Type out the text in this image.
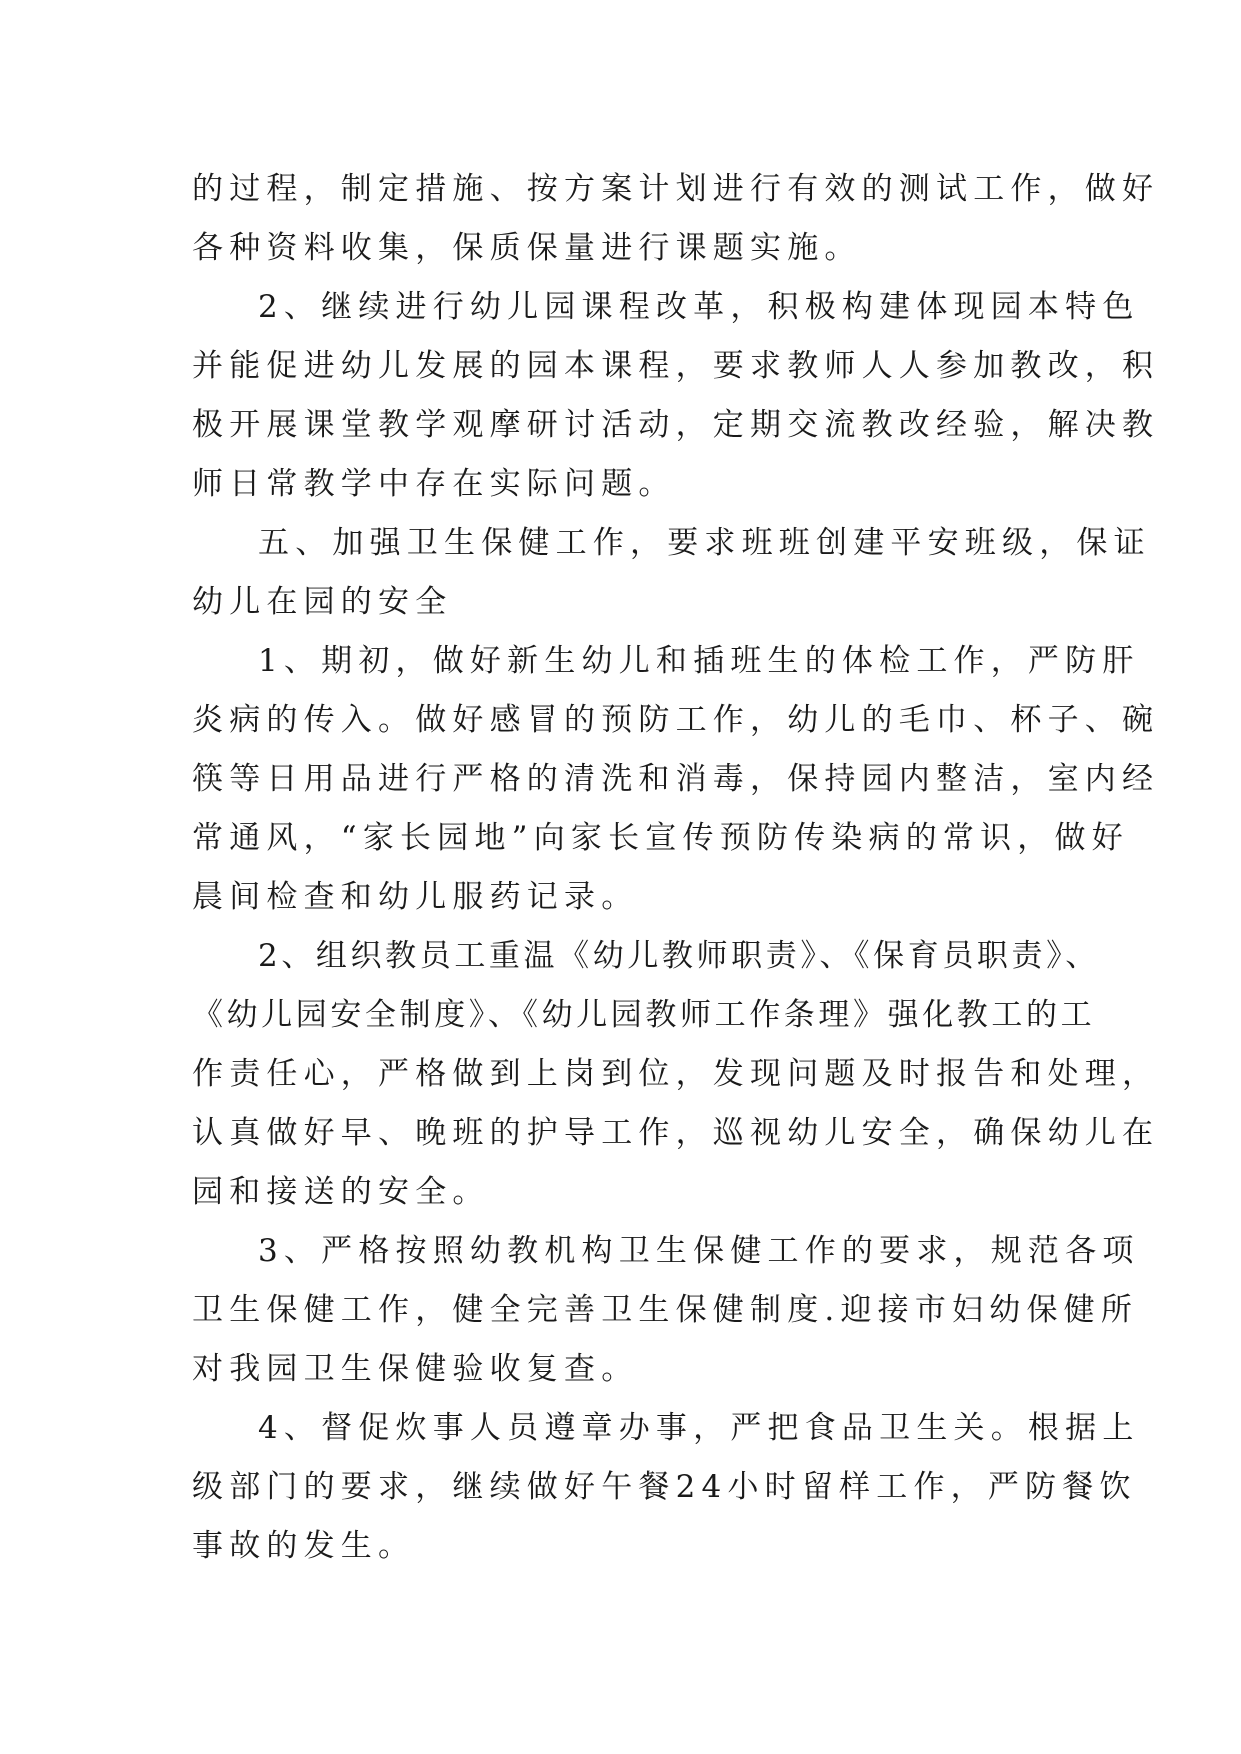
的过程，制定措施、按方案计划进行有效的测试工作，做好
各种资料收集，保质保量进行课题实施。
2、继续进行幼儿园课程改革，积极构建体现园本特色
并能促进幼儿发展的园本课程，要求教师人人参加教改，积
极开展课堂教学观摩研讨活动，定期交流教改经验，解决教
师日常教学中存在实际问题。
五、加强卫生保健工作，要求班班创建平安班级，保证
幼儿在园的安全
1、期初，做好新生幼儿和插班生的体检工作，严防肝
炎病的传入。做好感冒的预防工作，幼儿的毛巾、杯子、碗
筷等日用品进行严格的清洗和消毒，保持园内整洁，室内经
常通风，“家长园地”向家长宣传预防传染病的常识，做好
晨间检查和幼儿服药记录。
2、组织教员工重温《幼儿教师职责》、《保育员职责》、
《幼儿园安全制度》、《幼儿园教师工作条理》强化教工的工
作责任心，严格做到上岗到位，发现问题及时报告和处理，
认真做好早、晚班的护导工作，巡视幼儿安全，确保幼儿在
园和接送的安全。
3、严格按照幼教机构卫生保健工作的要求，规范各项
卫生保健工作，健全完善卫生保健制度.迎接市妇幼保健所
对我园卫生保健验收复查。
4、督促炊事人员遵章办事，严把食品卫生关。根据上
级部门的要求，继续做好午餐24小时留样工作，严防餐饮
事故的发生。
